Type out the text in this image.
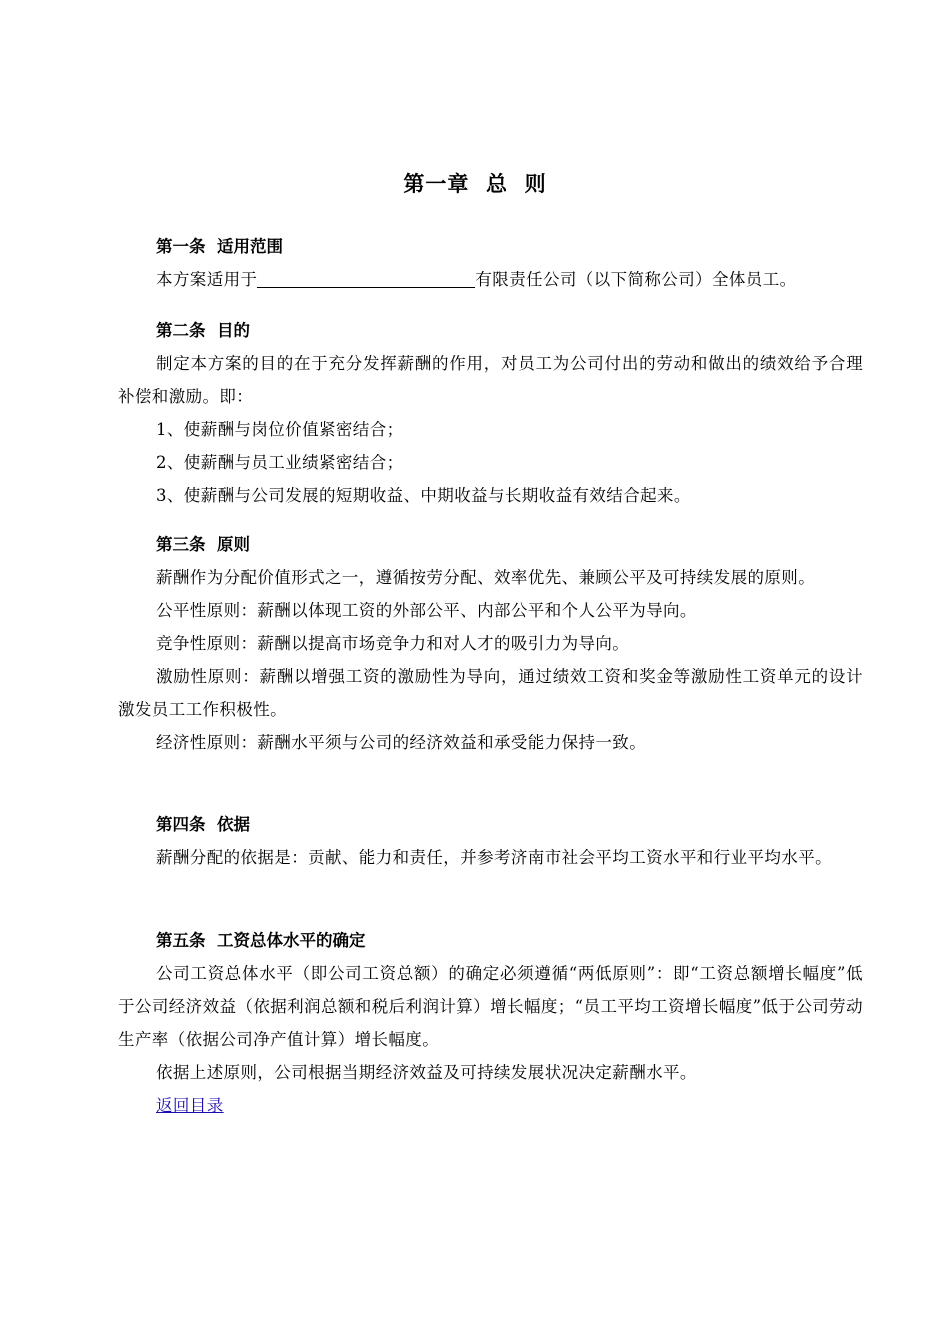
第一章  总  则
第一条  适用范围
本方案适用于	有限责任公司（以下简称公司）全体员工。
第二条  目的
制定本方案的目的在于充分发挥薪酬的作用，对员工为公司付出的劳动和做出的绩效给予合理补偿和激励。即：
1、使薪酬与岗位价值紧密结合；
2、使薪酬与员工业绩紧密结合；
3、使薪酬与公司发展的短期收益、中期收益与长期收益有效结合起来。
第三条  原则
薪酬作为分配价值形式之一，遵循按劳分配、效率优先、兼顾公平及可持续发展的原则。
公平性原则：薪酬以体现工资的外部公平、内部公平和个人公平为导向。
竞争性原则：薪酬以提高市场竞争力和对人才的吸引力为导向。
激励性原则：薪酬以增强工资的激励性为导向，通过绩效工资和奖金等激励性工资单元的设计激发员工工作积极性。
经济性原则：薪酬水平须与公司的经济效益和承受能力保持一致。
第四条  依据
薪酬分配的依据是：贡献、能力和责任，并参考济南市社会平均工资水平和行业平均水平。
第五条  工资总体水平的确定
公司工资总体水平（即公司工资总额）的确定必须遵循“两低原则”：即“工资总额增长幅度”低于公司经济效益（依据利润总额和税后利润计算）增长幅度；“员工平均工资增长幅度”低于公司劳动生产率（依据公司净产值计算）增长幅度。
依据上述原则，公司根据当期经济效益及可持续发展状况决定薪酬水平。
返回目录
